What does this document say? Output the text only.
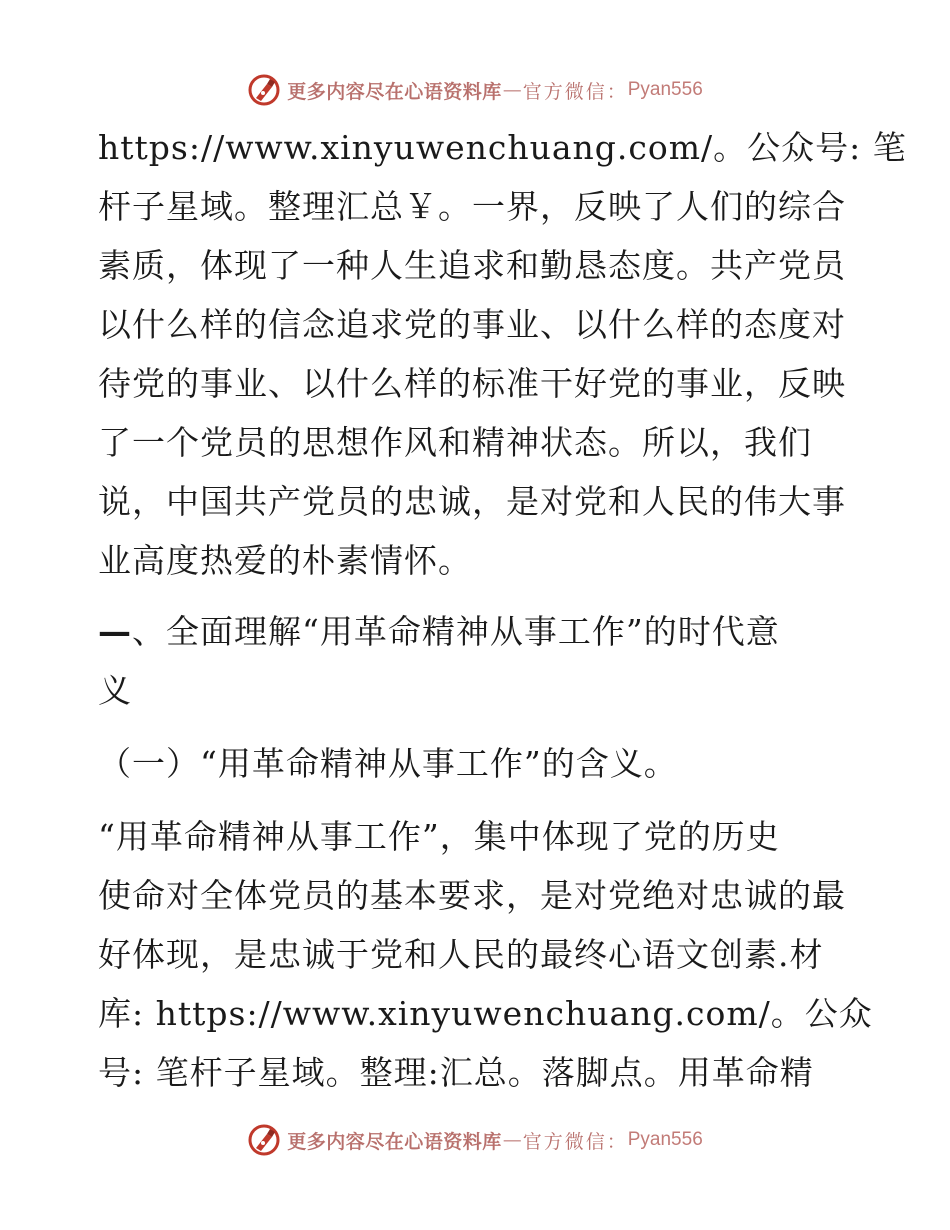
更多内容尽在心语资料库 — 官方微信： Pyan556
https://www.xinyuwenchuang.com/。公众号: 笔
杆子星域。整理汇总￥。一界，反映了人们的综合
素质，体现了一种人生追求和勤恳态度。共产党员
以什么样的信念追求党的事业、以什么样的态度对
待党的事业、以什么样的标准干好党的事业，反映
了一个党员的思想作风和精神状态。所以，我们
说，中国共产党员的忠诚，是对党和人民的伟大事
业高度热爱的朴素情怀。
—、全面理解“用革命精神从事工作”的时代意
义
（一）“用革命精神从事工作”的含义。
“用革命精神从事工作”，集中体现了党的历史
使命对全体党员的基本要求，是对党绝对忠诚的最
好体现，是忠诚于党和人民的最终心语文创素.材
库: https://www.xinyuwenchuang.com/。公众
号: 笔杆子星域。整理:汇总。落脚点。用革命精
更多内容尽在心语资料库 — 官方微信： Pyan556
